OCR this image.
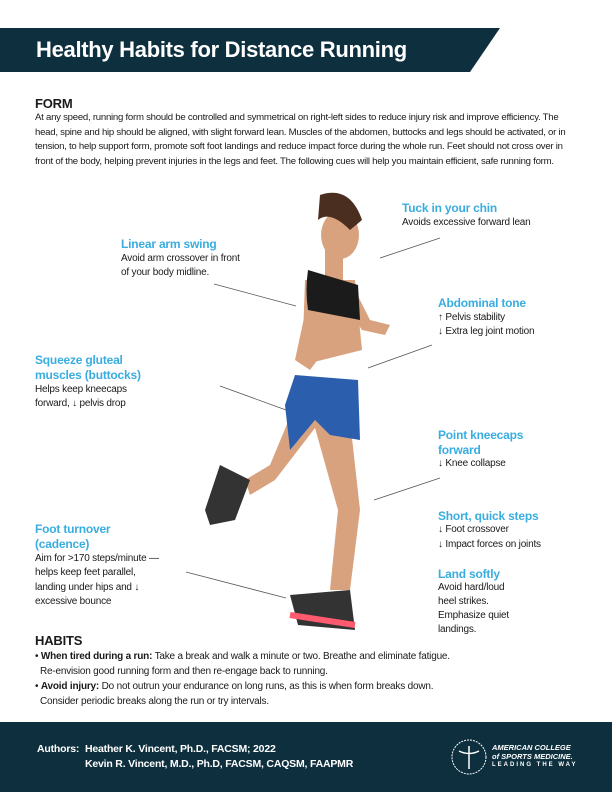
Healthy Habits for Distance Running
FORM
At any speed, running form should be controlled and symmetrical on right-left sides to reduce injury risk and improve efficiency. The head, spine and hip should be aligned, with slight forward lean. Muscles of the abdomen, buttocks and legs should be activated, or in tension, to help support form, promote soft foot landings and reduce impact force during the whole run. Feet should not cross over in front of the body, helping prevent injuries in the legs and feet. The following cues will help you maintain efficient, safe running form.
Tuck in your chin
Avoids excessive forward lean
Linear arm swing
Avoid arm crossover in front
of your body midline.
Abdominal tone
↑ Pelvis stability
↓ Extra leg joint motion
Squeeze gluteal
muscles (buttocks)
Helps keep kneecaps
forward, ↓ pelvis drop
Point kneecaps
forward
↓ Knee collapse
Short, quick steps
↓ Foot crossover
↓ Impact forces on joints
Foot turnover
(cadence)
Aim for >170 steps/minute —
helps keep feet parallel,
landing under hips and ↓
excessive bounce
Land softly
Avoid hard/loud
heel strikes.
Emphasize quiet
landings.
HABITS
• When tired during a run: Take a break and walk a minute or two. Breathe and eliminate fatigue.
Re-envision good running form and then re-engage back to running.
• Avoid injury: Do not outrun your endurance on long runs, as this is when form breaks down.
Consider periodic breaks along the run or try intervals.
Authors: Heather K. Vincent, Ph.D., FACSM; 2022
Kevin R. Vincent, M.D., Ph.D, FACSM, CAQSM, FAAPMR
AMERICAN COLLEGE
of SPORTS MEDICINE.
LEADING THE WAY
